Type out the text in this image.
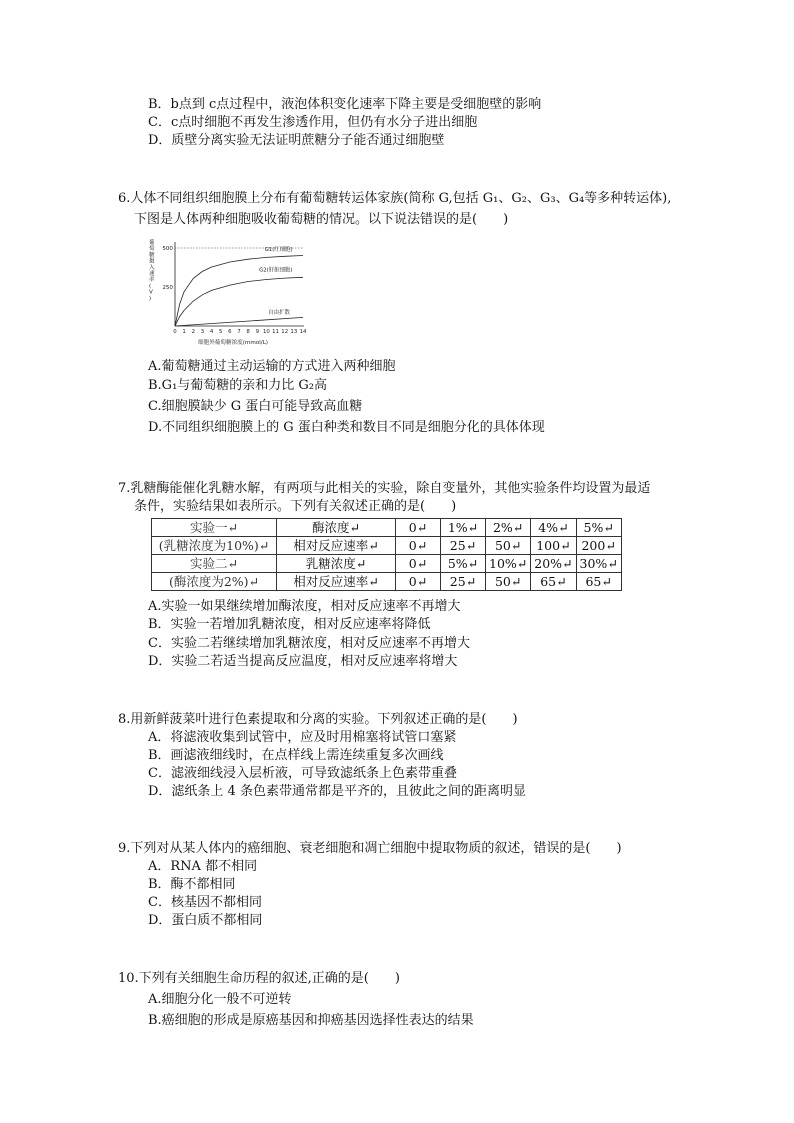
B．b点到 c点过程中，液泡体积变化速率下降主要是受细胞壁的影响
C．c点时细胞不再发生渗透作用，但仍有水分子进出细胞
D．质壁分离实验无法证明蔗糖分子能否通过细胞壁
6.人体不同组织细胞膜上分布有葡萄糖转运体家族(简称 G,包括 G₁、G₂、G₃、G₄等多种转运体),
下图是人体两种细胞吸收葡萄糖的情况。以下说法错误的是(　　)
葡萄糖摄入速率( V )
250
500
0 1 2 3 4 5 6 7 8 9 10 11 12 13 14
G1(红细胞)
G2(肝脏细胞)
自由扩散
细胞外葡萄糖浓度(mmol/L)
A.葡萄糖通过主动运输的方式进入两种细胞
B.G₁与葡萄糖的亲和力比 G₂高
C.细胞膜缺少 G 蛋白可能导致高血糖
D.不同组织细胞膜上的 G 蛋白种类和数目不同是细胞分化的具体体现
7.乳糖酶能催化乳糖水解，有两项与此相关的实验，除自变量外，其他实验条件均设置为最适
条件，实验结果如表所示。下列有关叙述正确的是(　　)
实验一↵	酶浓度↵	0↵	1%↵	2%↵	4%↵	5%↵
(乳糖浓度为10%)↵	相对反应速率↵	0↵	25↵	50↵	100↵	200↵
实验二↵	乳糖浓度↵	0↵	5%↵	10%↵	20%↵	30%↵
(酶浓度为2%)↵	相对反应速率↵	0↵	25↵	50↵	65↵	65↵
A.实验一如果继续增加酶浓度，相对反应速率不再增大
B．实验一若增加乳糖浓度，相对反应速率将降低
C．实验二若继续增加乳糖浓度，相对反应速率不再增大
D．实验二若适当提高反应温度，相对反应速率将增大
8.用新鲜菠菜叶进行色素提取和分离的实验。下列叙述正确的是(　　)
A．将滤液收集到试管中，应及时用棉塞将试管口塞紧
B．画滤液细线时，在点样线上需连续重复多次画线
C．滤液细线浸入层析液，可导致滤纸条上色素带重叠
D．滤纸条上 4 条色素带通常都是平齐的，且彼此之间的距离明显
9.下列对从某人体内的癌细胞、衰老细胞和凋亡细胞中提取物质的叙述，错误的是(　　)
A．RNA 都不相同
B．酶不都相同
C．核基因不都相同
D．蛋白质不都相同
10.下列有关细胞生命历程的叙述,正确的是(　　)
A.细胞分化一般不可逆转
B.癌细胞的形成是原癌基因和抑癌基因选择性表达的结果
